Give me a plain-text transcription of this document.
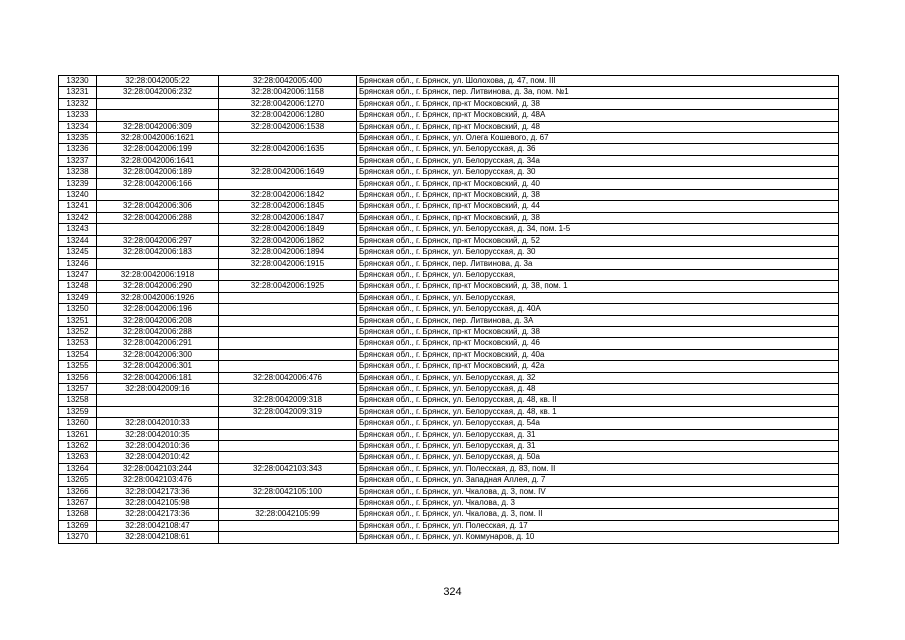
13230	32:28:0042005:22	32:28:0042005:400	Брянская обл., г. Брянск, ул. Шолохова, д. 47, пом. III
13231	32:28:0042006:232	32:28:0042006:1158	Брянская обл., г. Брянск, пер. Литвинова, д. 3а, пом. №1
13232		32:28:0042006:1270	Брянская обл., г. Брянск, пр-кт Московский, д. 38
13233		32:28:0042006:1280	Брянская обл., г. Брянск, пр-кт Московский, д. 48А
13234	32:28:0042006:309	32:28:0042006:1538	Брянская обл., г. Брянск, пр-кт Московский, д. 48
13235	32:28:0042006:1621		Брянская обл., г. Брянск, ул. Олега Кошевого, д. 67
13236	32:28:0042006:199	32:28:0042006:1635	Брянская обл., г. Брянск, ул. Белорусская, д. 36
13237	32:28:0042006:1641		Брянская обл., г. Брянск, ул. Белорусская, д. 34а
13238	32:28:0042006:189	32:28:0042006:1649	Брянская обл., г. Брянск, ул. Белорусская, д. 30
13239	32:28:0042006:166		Брянская обл., г. Брянск, пр-кт Московский, д. 40
13240		32:28:0042006:1842	Брянская обл., г. Брянск, пр-кт Московский, д. 38
13241	32:28:0042006:306	32:28:0042006:1845	Брянская обл., г. Брянск, пр-кт Московский, д. 44
13242	32:28:0042006:288	32:28:0042006:1847	Брянская обл., г. Брянск, пр-кт Московский, д. 38
13243		32:28:0042006:1849	Брянская обл., г. Брянск, ул. Белорусская, д. 34, пом. 1-5
13244	32:28:0042006:297	32:28:0042006:1862	Брянская обл., г. Брянск, пр-кт Московский, д. 52
13245	32:28:0042006:183	32:28:0042006:1894	Брянская обл., г. Брянск, ул. Белорусская, д. 30
13246		32:28:0042006:1915	Брянская обл., г. Брянск, пер. Литвинова, д. 3а
13247	32:28:0042006:1918		Брянская обл., г. Брянск, ул. Белорусская,
13248	32:28:0042006:290	32:28:0042006:1925	Брянская обл., г. Брянск, пр-кт Московский, д. 38, пом. 1
13249	32:28:0042006:1926		Брянская обл., г. Брянск, ул. Белорусская,
13250	32:28:0042006:196		Брянская обл., г. Брянск, ул. Белорусская, д. 40А
13251	32:28:0042006:208		Брянская обл., г. Брянск, пер. Литвинова, д. 3А
13252	32:28:0042006:288		Брянская обл., г. Брянск, пр-кт Московский, д. 38
13253	32:28:0042006:291		Брянская обл., г. Брянск, пр-кт Московский, д. 46
13254	32:28:0042006:300		Брянская обл., г. Брянск, пр-кт Московский, д. 40а
13255	32:28:0042006:301		Брянская обл., г. Брянск, пр-кт Московский, д. 42а
13256	32:28:0042006:181	32:28:0042006:476	Брянская обл., г. Брянск, ул. Белорусская, д. 32
13257	32:28:0042009:16		Брянская обл., г. Брянск, ул. Белорусская, д. 48
13258		32:28:0042009:318	Брянская обл., г. Брянск, ул. Белорусская, д. 48, кв. II
13259		32:28:0042009:319	Брянская обл., г. Брянск, ул. Белорусская, д. 48, кв. 1
13260	32:28:0042010:33		Брянская обл., г. Брянск, ул. Белорусская, д. 54а
13261	32:28:0042010:35		Брянская обл., г. Брянск, ул. Белорусская, д. 31
13262	32:28:0042010:36		Брянская обл., г. Брянск, ул. Белорусская, д. 31
13263	32:28:0042010:42		Брянская обл., г. Брянск, ул. Белорусская, д. 50а
13264	32:28:0042103:244	32:28:0042103:343	Брянская обл., г. Брянск, ул. Полесская, д. 83, пом. II
13265	32:28:0042103:476		Брянская обл., г. Брянск, ул. Западная Аллея, д. 7
13266	32:28:0042173:36	32:28:0042105:100	Брянская обл., г. Брянск, ул. Чкалова, д. 3, пом. IV
13267	32:28:0042105:98		Брянская обл., г. Брянск, ул. Чкалова, д. 3
13268	32:28:0042173:36	32:28:0042105:99	Брянская обл., г. Брянск, ул. Чкалова, д. 3, пом. II
13269	32:28:0042108:47		Брянская обл., г. Брянск, ул. Полесская, д. 17
13270	32:28:0042108:61		Брянская обл., г. Брянск, ул. Коммунаров, д. 10
324
